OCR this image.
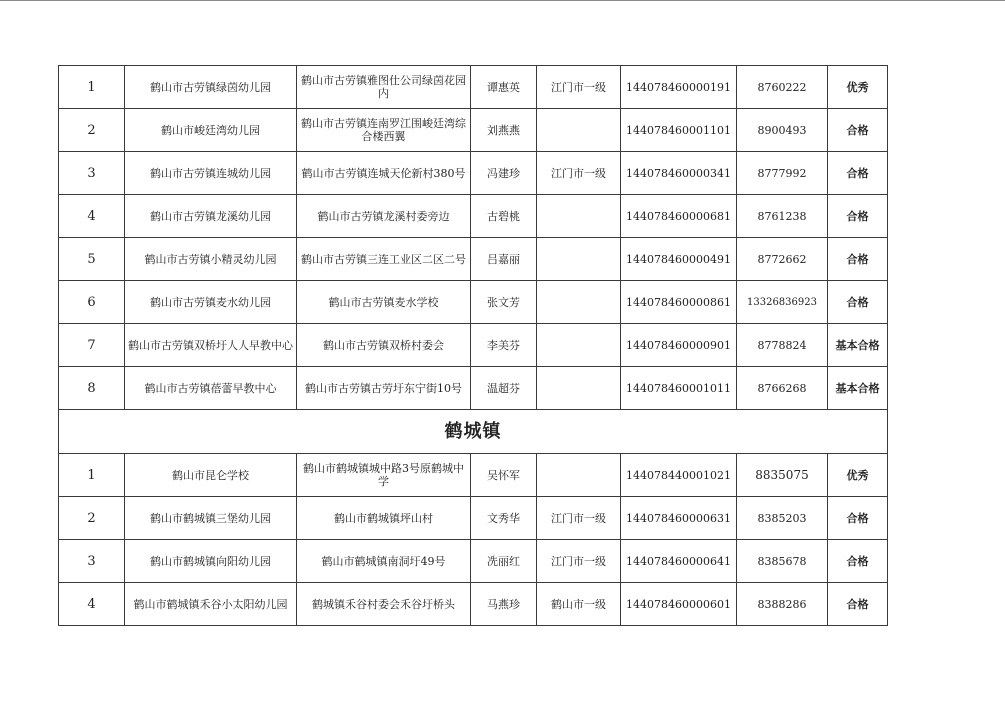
1	鹤山市古劳镇绿茵幼儿园	鹤山市古劳镇雅图仕公司绿茵花园内	谭惠英	江门市一级	144078460000191	8760222	优秀
2	鹤山市峻廷湾幼儿园	鹤山市古劳镇连南罗江围峻廷湾综合楼西翼	刘燕燕		144078460001101	8900493	合格
3	鹤山市古劳镇连城幼儿园	鹤山市古劳镇连城天伦新村380号	冯建珍	江门市一级	144078460000341	8777992	合格
4	鹤山市古劳镇龙溪幼儿园	鹤山市古劳镇龙溪村委旁边	古碧桃		144078460000681	8761238	合格
5	鹤山市古劳镇小精灵幼儿园	鹤山市古劳镇三连工业区二区二号	吕嘉丽		144078460000491	8772662	合格
6	鹤山市古劳镇麦水幼儿园	鹤山市古劳镇麦水学校	张文芳		144078460000861	13326836923	合格
7	鹤山市古劳镇双桥圩人人早教中心	鹤山市古劳镇双桥村委会	李美芬		144078460000901	8778824	基本合格
8	鹤山市古劳镇蓓蕾早教中心	鹤山市古劳镇古劳圩东宁街10号	温超芬		144078460001011	8766268	基本合格
鹤城镇							
1	鹤山市昆仑学校	鹤山市鹤城镇城中路3号原鹤城中学	吴怀军		144078440001021	8835075	优秀
2	鹤山市鹤城镇三堡幼儿园	鹤山市鹤城镇坪山村	文秀华	江门市一级	144078460000631	8385203	合格
3	鹤山市鹤城镇向阳幼儿园	鹤山市鹤城镇南洞圩49号	冼丽红	江门市一级	144078460000641	8385678	合格
4	鹤山市鹤城镇禾谷小太阳幼儿园	鹤城镇禾谷村委会禾谷圩桥头	马燕珍	鹤山市一级	144078460000601	8388286	合格
